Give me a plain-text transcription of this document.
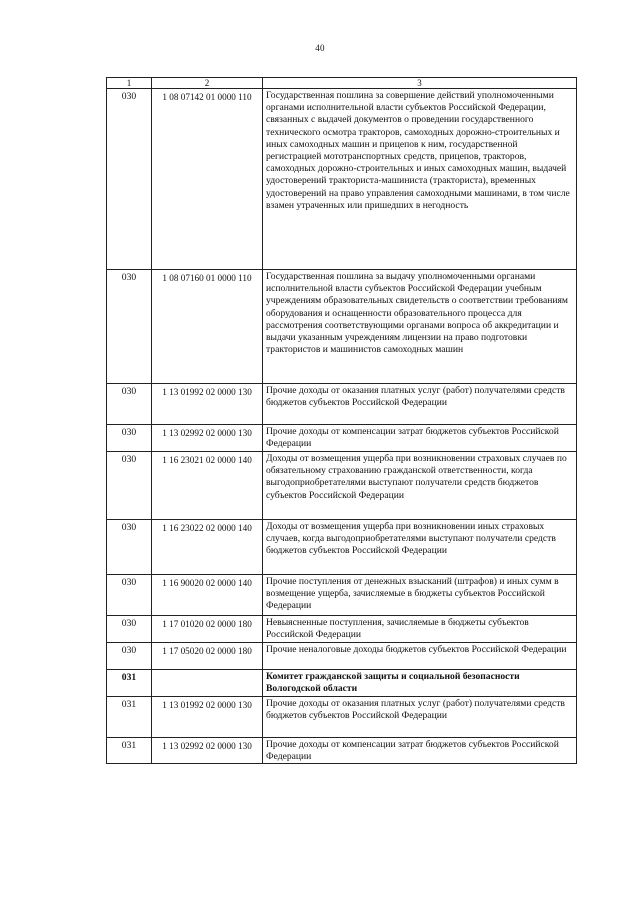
40
1	2	3
030	1 08 07142 01 0000 110	Государственная пошлина за совершение действий уполномоченными органами исполнительной власти субъектов Российской Федерации, связанных с выдачей документов о проведении государственного технического осмотра тракторов, самоходных дорожно-строительных и иных самоходных машин и прицепов к ним, государственной регистрацией мототранспортных средств, прицепов, тракторов, самоходных дорожно-строительных и иных самоходных машин, выдачей удостоверений тракториста-машиниста (тракториста), временных удостоверений на право управления самоходными машинами, в том числе взамен утраченных или пришедших в негодность
030	1 08 07160 01 0000 110	Государственная пошлина за выдачу уполномоченными органами исполнительной власти субъектов Российской Федерации учебным учреждениям образовательных свидетельств о соответствии требованиям оборудования и оснащенности образовательного процесса для рассмотрения соответствующими органами вопроса об аккредитации и выдачи указанным учреждениям лицензии на право подготовки трактористов и машинистов самоходных машин
030	1 13 01992 02 0000 130	Прочие доходы от оказания платных услуг (работ) получателями средств бюджетов субъектов Российской Федерации
030	1 13 02992 02 0000 130	Прочие доходы от компенсации затрат бюджетов субъектов Российской Федерации
030	1 16 23021 02 0000 140	Доходы от возмещения ущерба при возникновении страховых случаев по обязательному страхованию гражданской ответственности, когда выгодоприобретателями выступают получатели средств бюджетов субъектов Российской Федерации
030	1 16 23022 02 0000 140	Доходы от возмещения ущерба при возникновении иных страховых случаев, когда выгодоприобретателями выступают получатели средств бюджетов субъектов Российской Федерации
030	1 16 90020 02 0000 140	Прочие поступления от денежных взысканий (штрафов) и иных сумм в возмещение ущерба, зачисляемые в бюджеты субъектов Российской Федерации
030	1 17 01020 02 0000 180	Невыясненные поступления, зачисляемые в бюджеты субъектов Российской Федерации
030	1 17 05020 02 0000 180	Прочие неналоговые доходы бюджетов субъектов Российской Федерации
031		Комитет гражданской защиты и социальной безопасности Вологодской области
031	1 13 01992 02 0000 130	Прочие доходы от оказания платных услуг (работ) получателями средств бюджетов субъектов Российской Федерации
031	1 13 02992 02 0000 130	Прочие доходы от компенсации затрат бюджетов субъектов Российской Федерации
